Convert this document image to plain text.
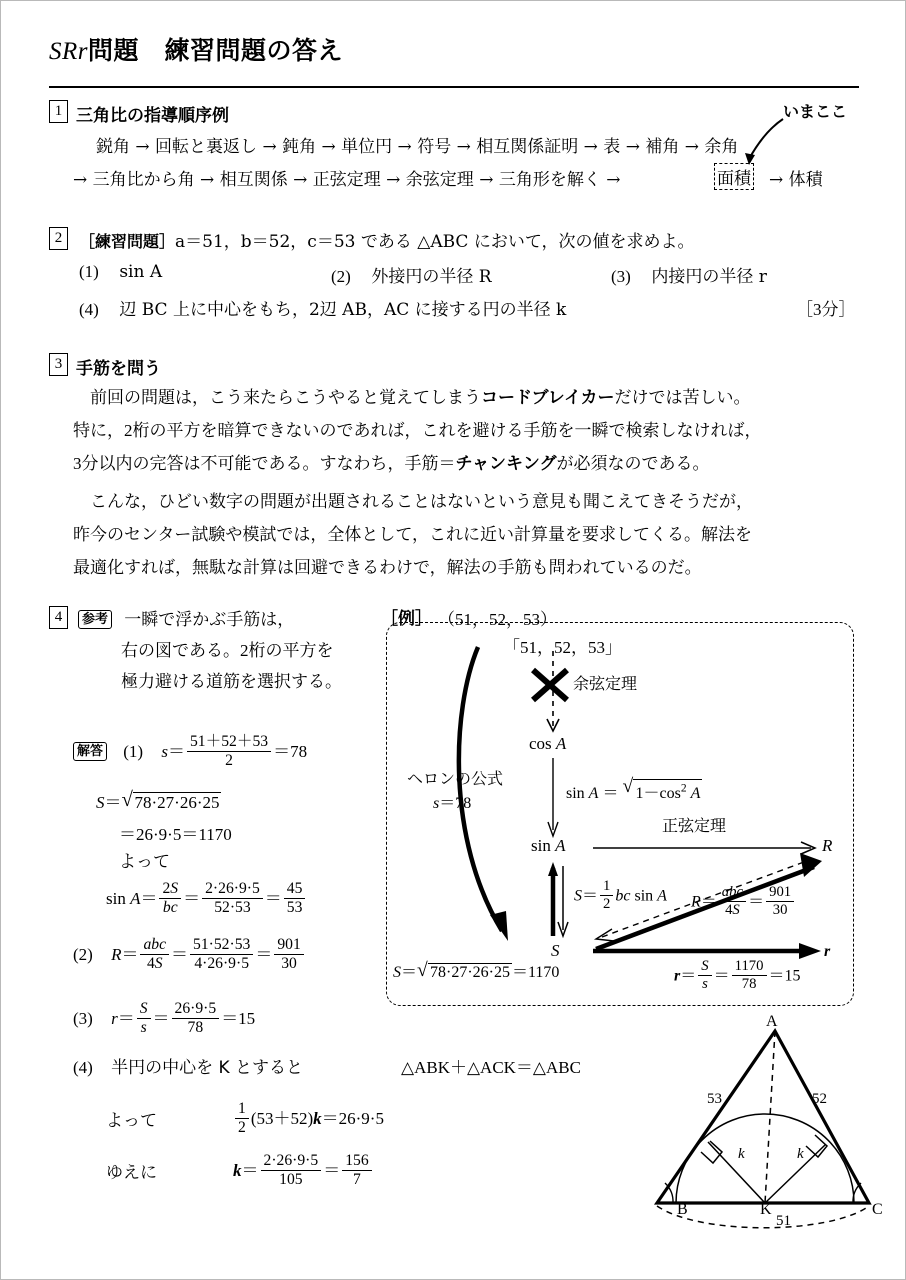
SRr問題　練習問題の答え
1 三角比の指導順序例	いまここ
鋭角 → 回転と裏返し → 鈍角 → 単位円 → 符号 → 相互関係証明 → 表 → 補角 → 余角
→ 三角比から角 → 相互関係 → 正弦定理 → 余弦定理 → 三角形を解く →	面積 → 体積
2	［練習問題］a＝51，b＝52，c＝53 である △ABC において，次の値を求めよ。
(1) sin A	(2) 外接円の半径 R	(3) 内接円の半径 r
(4) 辺 BC 上に中心をもち，2辺 AB，AC に接する円の半径 k	［3分］
3 手筋を問う
　前回の問題は，こう来たらこうやると覚えてしまうコードブレイカーだけでは苦しい。
特に，2桁の平方を暗算できないのであれば，これを避ける手筋を一瞬で検索しなければ，
3分以内の完答は不可能である。すなわち，手筋＝チャンキングが必須なのである。
　こんな，ひどい数字の問題が出題されることはないという意見も聞こえてきそうだが，
昨今のセンター試験や模試では，全体として，これに近い計算量を要求してくる。解法を
最適化すれば，無駄な計算は回避できるわけで，解法の手筋も問われているのだ。
4	参考 一瞬で浮かぶ手筋は，
右の図である。2桁の平方を
極力避ける道筋を選択する。
解答 (1) $s= \frac{51+52+53}{2} =78$
S＝ √ 78·27·26·25
＝26·9·5＝1170
よって
$\sin A= \frac{2S}{bc} = \frac{2\cdot 26\cdot 9\cdot 5}{52\cdot 53} = \frac{45}{53}$
(2) $R= \frac{\text{abc}}{4S} = \frac{51\cdot 52\cdot 53}{4\cdot 26\cdot 9\cdot 5} = \frac{901}{30}$
(3) $r= \frac{S}{s} = \frac{26\cdot 9\cdot 5}{78} =15$
(4) 半円の中心を K とすると	△ABK＋△ACK＝△ABC
よって	$\frac{1}{2} (53+52)k=26\cdot 9\cdot 5$
ゆえに	$k= \frac{2\cdot 26\cdot 9\cdot 5}{105} = \frac{156}{7}$
［例］ （51，52，53）
「51，52，53」
cos A
sin A
S
R
r
余弦定理
sin A ＝ √ $1-\cos^2$ A
ヘロンの公式
s＝78
$S= \frac{1}{2}$ bc sin A
正弦定理
$R= \frac{\text{abc}}{4S} = \frac{901}{30}$
S＝ √ 78·27·26·25 ＝1170	$r= \frac{S}{s} = \frac{1170}{78} =15$
A
B	C
K
53	52
51
k	k
